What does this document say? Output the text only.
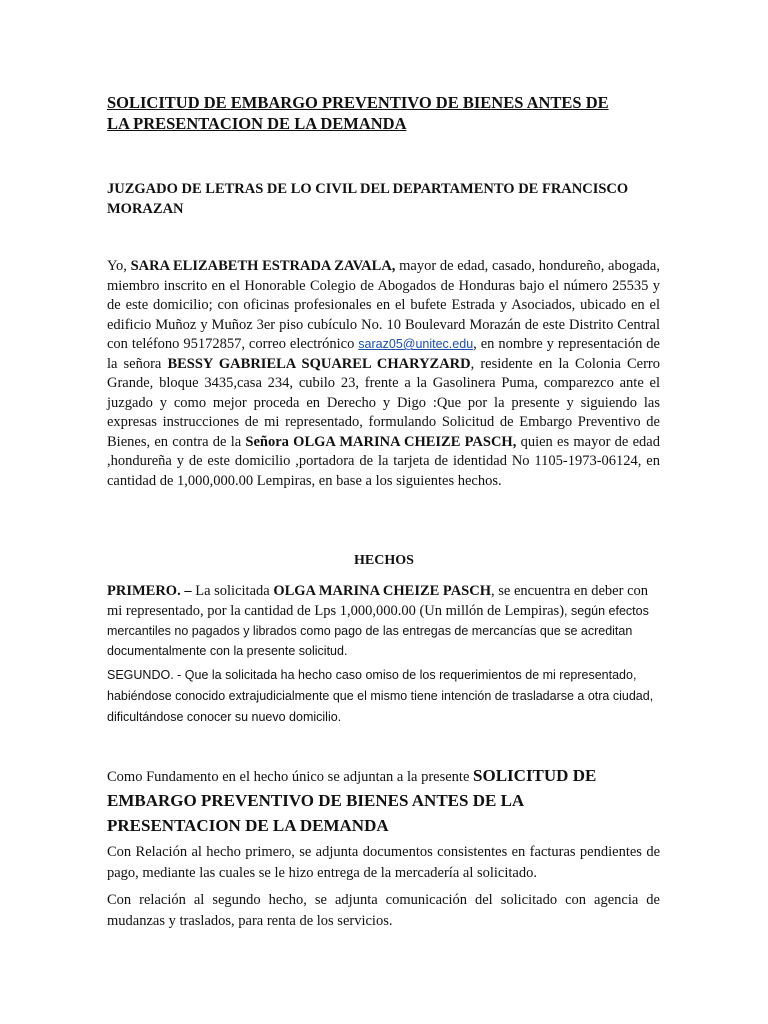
SOLICITUD DE EMBARGO PREVENTIVO DE BIENES ANTES DE
LA PRESENTACION DE LA DEMANDA

JUZGADO DE LETRAS DE LO CIVIL DEL DEPARTAMENTO DE FRANCISCO MORAZAN

Yo, SARA ELIZABETH ESTRADA ZAVALA, mayor de edad, casado, hondureño, abogada, miembro inscrito en el Honorable Colegio de Abogados de Honduras bajo el número 25535 y de este domicilio; con oficinas profesionales en el bufete Estrada y Asociados, ubicado en el edificio Muñoz y Muñoz 3er piso cubículo No. 10 Boulevard Morazán de este Distrito Central con teléfono 95172857, correo electrónico saraz05@unitec.edu, en nombre y representación de la señora BESSY GABRIELA SQUAREL CHARYZARD, residente en la Colonia Cerro Grande, bloque 3435,casa 234, cubilo 23, frente a la Gasolinera Puma, comparezco ante el juzgado y como mejor proceda en Derecho y Digo :Que por la presente y siguiendo las expresas instrucciones de mi representado, formulando Solicitud de Embargo Preventivo de Bienes, en contra de la Señora OLGA MARINA CHEIZE PASCH, quien es mayor de edad ,hondureña y de este domicilio ,portadora de la tarjeta de identidad No 1105-1973-06124, en cantidad de 1,000,000.00 Lempiras, en base a los siguientes hechos.

HECHOS

PRIMERO. – La solicitada OLGA MARINA CHEIZE PASCH, se encuentra en deber con mi representado, por la cantidad de Lps 1,000,000.00 (Un millón de Lempiras), según efectos mercantiles no pagados y librados como pago de las entregas de mercancías que se acreditan documentalmente con la presente solicitud.

SEGUNDO. - Que la solicitada ha hecho caso omiso de los requerimientos de mi representado, habiéndose conocido extrajudicialmente que el mismo tiene intención de trasladarse a otra ciudad, dificultándose conocer su nuevo domicilio.

Como Fundamento en el hecho único se adjuntan a la presente SOLICITUD DE EMBARGO PREVENTIVO DE BIENES ANTES DE LA PRESENTACION DE LA DEMANDA

Con Relación al hecho primero, se adjunta documentos consistentes en facturas pendientes de pago, mediante las cuales se le hizo entrega de la mercadería al solicitado.

Con relación al segundo hecho, se adjunta comunicación del solicitado con agencia de mudanzas y traslados, para renta de los servicios.
